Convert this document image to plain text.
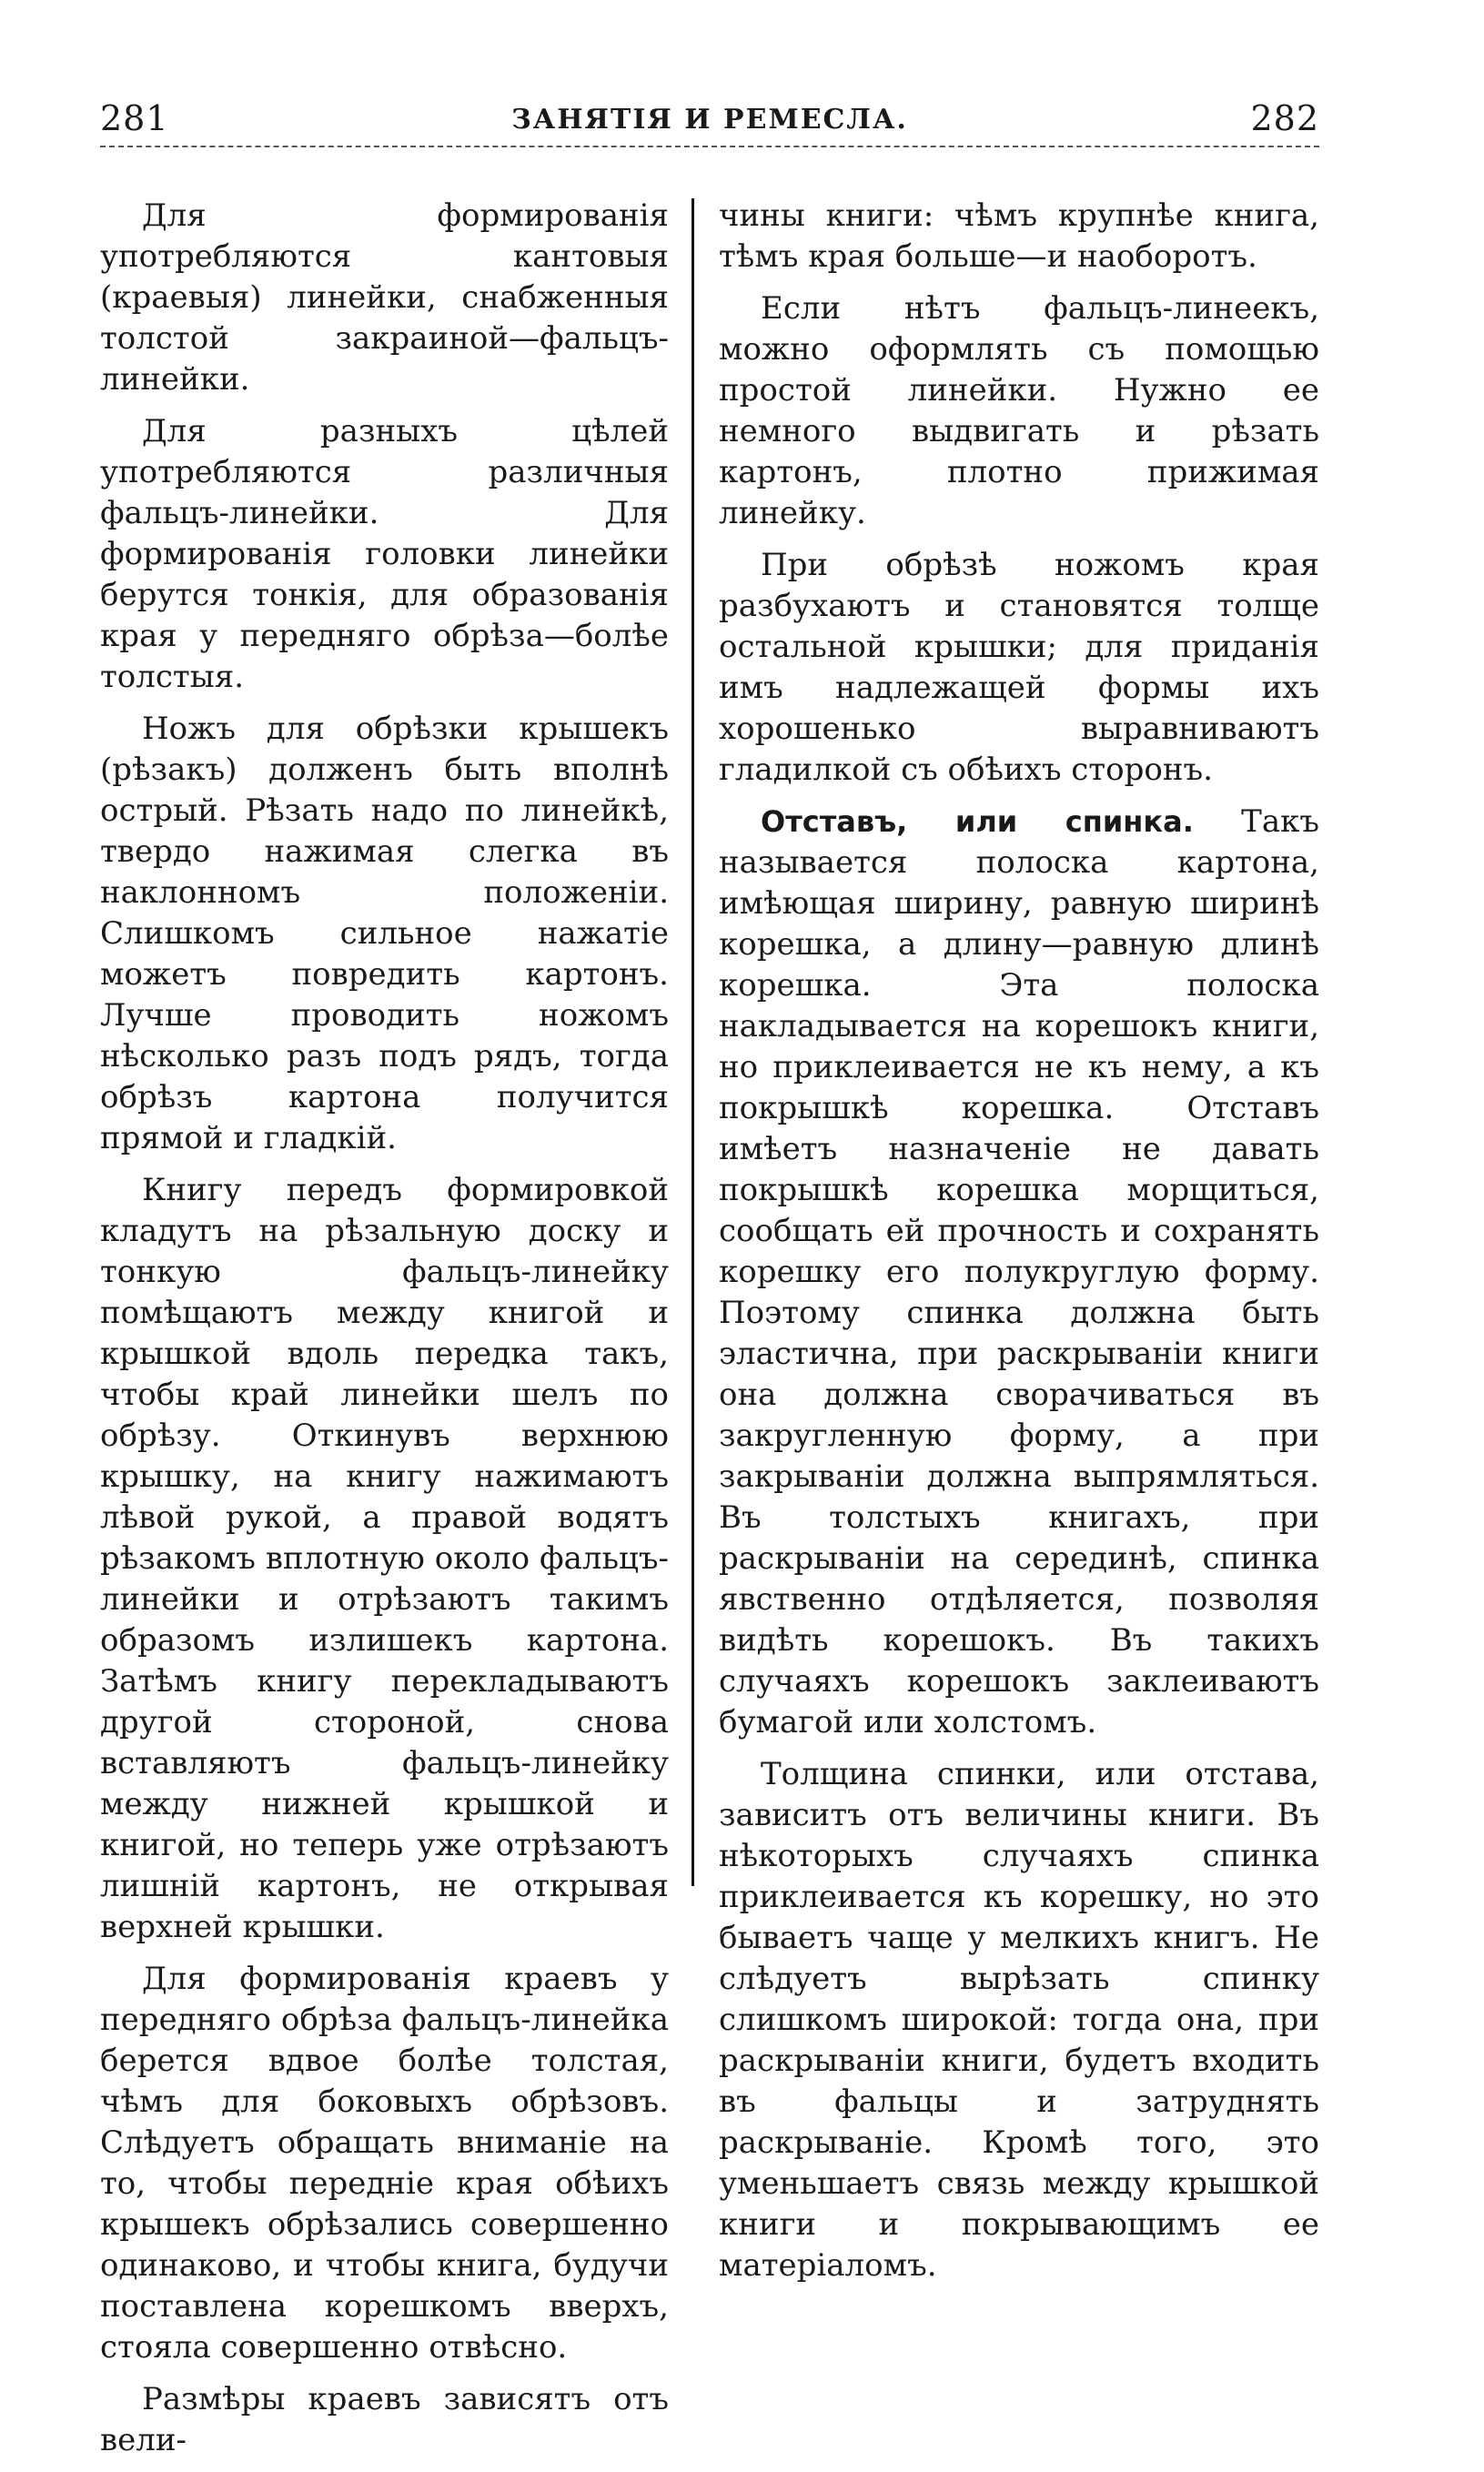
281	ЗАНЯТІЯ И РЕМЕСЛА.	282

Для формированія употребляются кантовыя (краевыя) линейки, снабженныя толстой закраиной—фальцъ-линейки.

Для разныхъ цѣлей употребляются различныя фальцъ-линейки. Для формированія головки линейки берутся тонкія, для образованія края у передняго обрѣза—болѣе толстыя.

Ножъ для обрѣзки крышекъ (рѣзакъ) долженъ быть вполнѣ острый. Рѣзать надо по линейкѣ, твердо нажимая слегка въ наклонномъ положеніи. Слишкомъ сильное нажатіе можетъ повредить картонъ. Лучше проводить ножомъ нѣсколько разъ подъ рядъ, тогда обрѣзъ картона получится прямой и гладкій.

Книгу передъ формировкой кладутъ на рѣзальную доску и тонкую фальцъ-линейку помѣщаютъ между книгой и крышкой вдоль передка такъ, чтобы край линейки шелъ по обрѣзу. Откинувъ верхнюю крышку, на книгу нажимаютъ лѣвой рукой, а правой водятъ рѣзакомъ вплотную около фальцъ-линейки и отрѣзаютъ такимъ образомъ излишекъ картона. Затѣмъ книгу перекладываютъ другой стороной, снова вставляютъ фальцъ-линейку между нижней крышкой и книгой, но теперь уже отрѣзаютъ лишній картонъ, не открывая верхней крышки.

Для формированія краевъ у передняго обрѣза фальцъ-линейка берется вдвое болѣе толстая, чѣмъ для боковыхъ обрѣзовъ. Слѣдуетъ обращать вниманіе на то, чтобы передніе края обѣихъ крышекъ обрѣзались совершенно одинаково, и чтобы книга, будучи поставлена корешкомъ вверхъ, стояла совершенно отвѣсно.

Размѣры краевъ зависятъ отъ вели-

чины книги: чѣмъ крупнѣе книга, тѣмъ края больше—и наоборотъ.

Если нѣтъ фальцъ-линеекъ, можно оформлять съ помощью простой линейки. Нужно ее немного выдвигать и рѣзать картонъ, плотно прижимая линейку.

При обрѣзѣ ножомъ края разбухаютъ и становятся толще остальной крышки; для приданія имъ надлежащей формы ихъ хорошенько выравниваютъ гладилкой съ обѣихъ сторонъ.

Отставъ, или спинка. Такъ называется полоска картона, имѣющая ширину, равную ширинѣ корешка, а длину—равную длинѣ корешка. Эта полоска накладывается на корешокъ книги, но приклеивается не къ нему, а къ покрышкѣ корешка. Отставъ имѣетъ назначеніе не давать покрышкѣ корешка морщиться, сообщать ей прочность и сохранять корешку его полукруглую форму. Поэтому спинка должна быть эластична, при раскрываніи книги она должна сворачиваться въ закругленную форму, а при закрываніи должна выпрямляться. Въ толстыхъ книгахъ, при раскрываніи на серединѣ, спинка явственно отдѣляется, позволяя видѣть корешокъ. Въ такихъ случаяхъ корешокъ заклеиваютъ бумагой или холстомъ.

Толщина спинки, или отстава, зависитъ отъ величины книги. Въ нѣкоторыхъ случаяхъ спинка приклеивается къ корешку, но это бываетъ чаще у мелкихъ книгъ. Не слѣдуетъ вырѣзать спинку слишкомъ широкой: тогда она, при раскрываніи книги, будетъ входить въ фальцы и затруднять раскрываніе. Кромѣ того, это уменьшаетъ связь между крышкой книги и покрывающимъ ее матеріаломъ.
